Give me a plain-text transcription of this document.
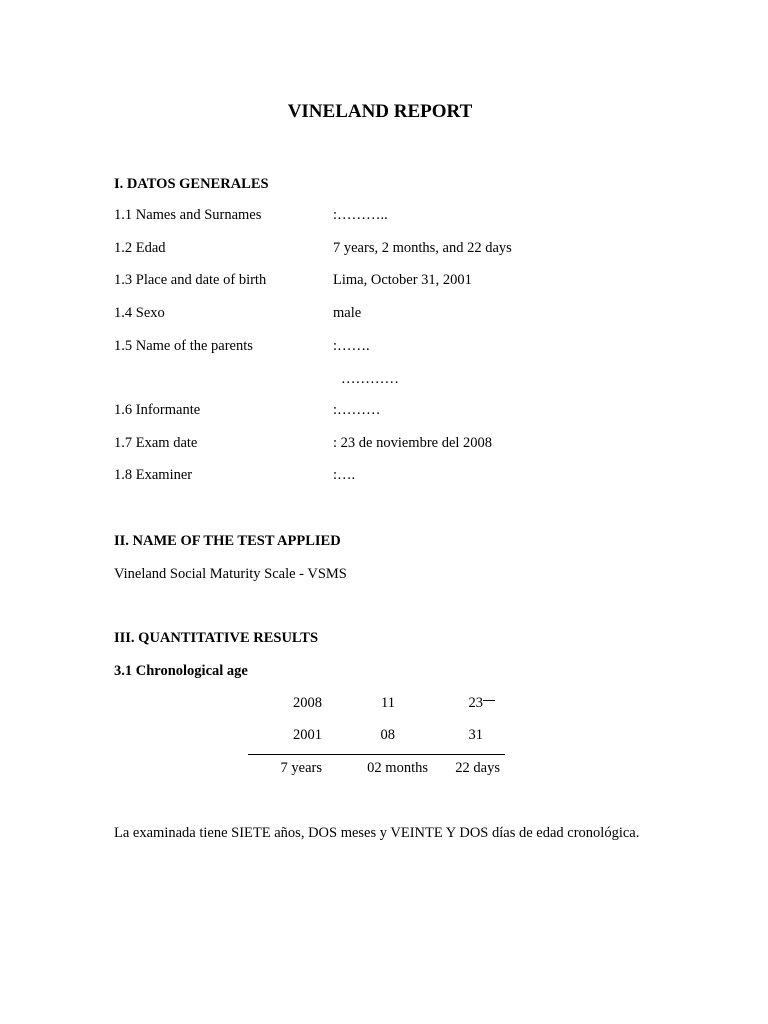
VINELAND REPORT
I. DATOS GENERALES
1.1 Names and Surnames	:………..
1.2 Edad	7 years, 2 months, and 22 days
1.3 Place and date of birth	Lima, October 31, 2001
1.4 Sexo	male
1.5 Name of the parents	:…….
…………
1.6 Informante	:………
1.7 Exam date	: 23 de noviembre del 2008
1.8 Examiner	:….
II. NAME OF THE TEST APPLIED
Vineland Social Maturity Scale - VSMS
III. QUANTITATIVE RESULTS
3.1 Chronological age
2008	11	23
2001	08	31
7 years	02 months	22 days
La examinada tiene SIETE años, DOS meses y VEINTE Y DOS días de edad cronológica.
